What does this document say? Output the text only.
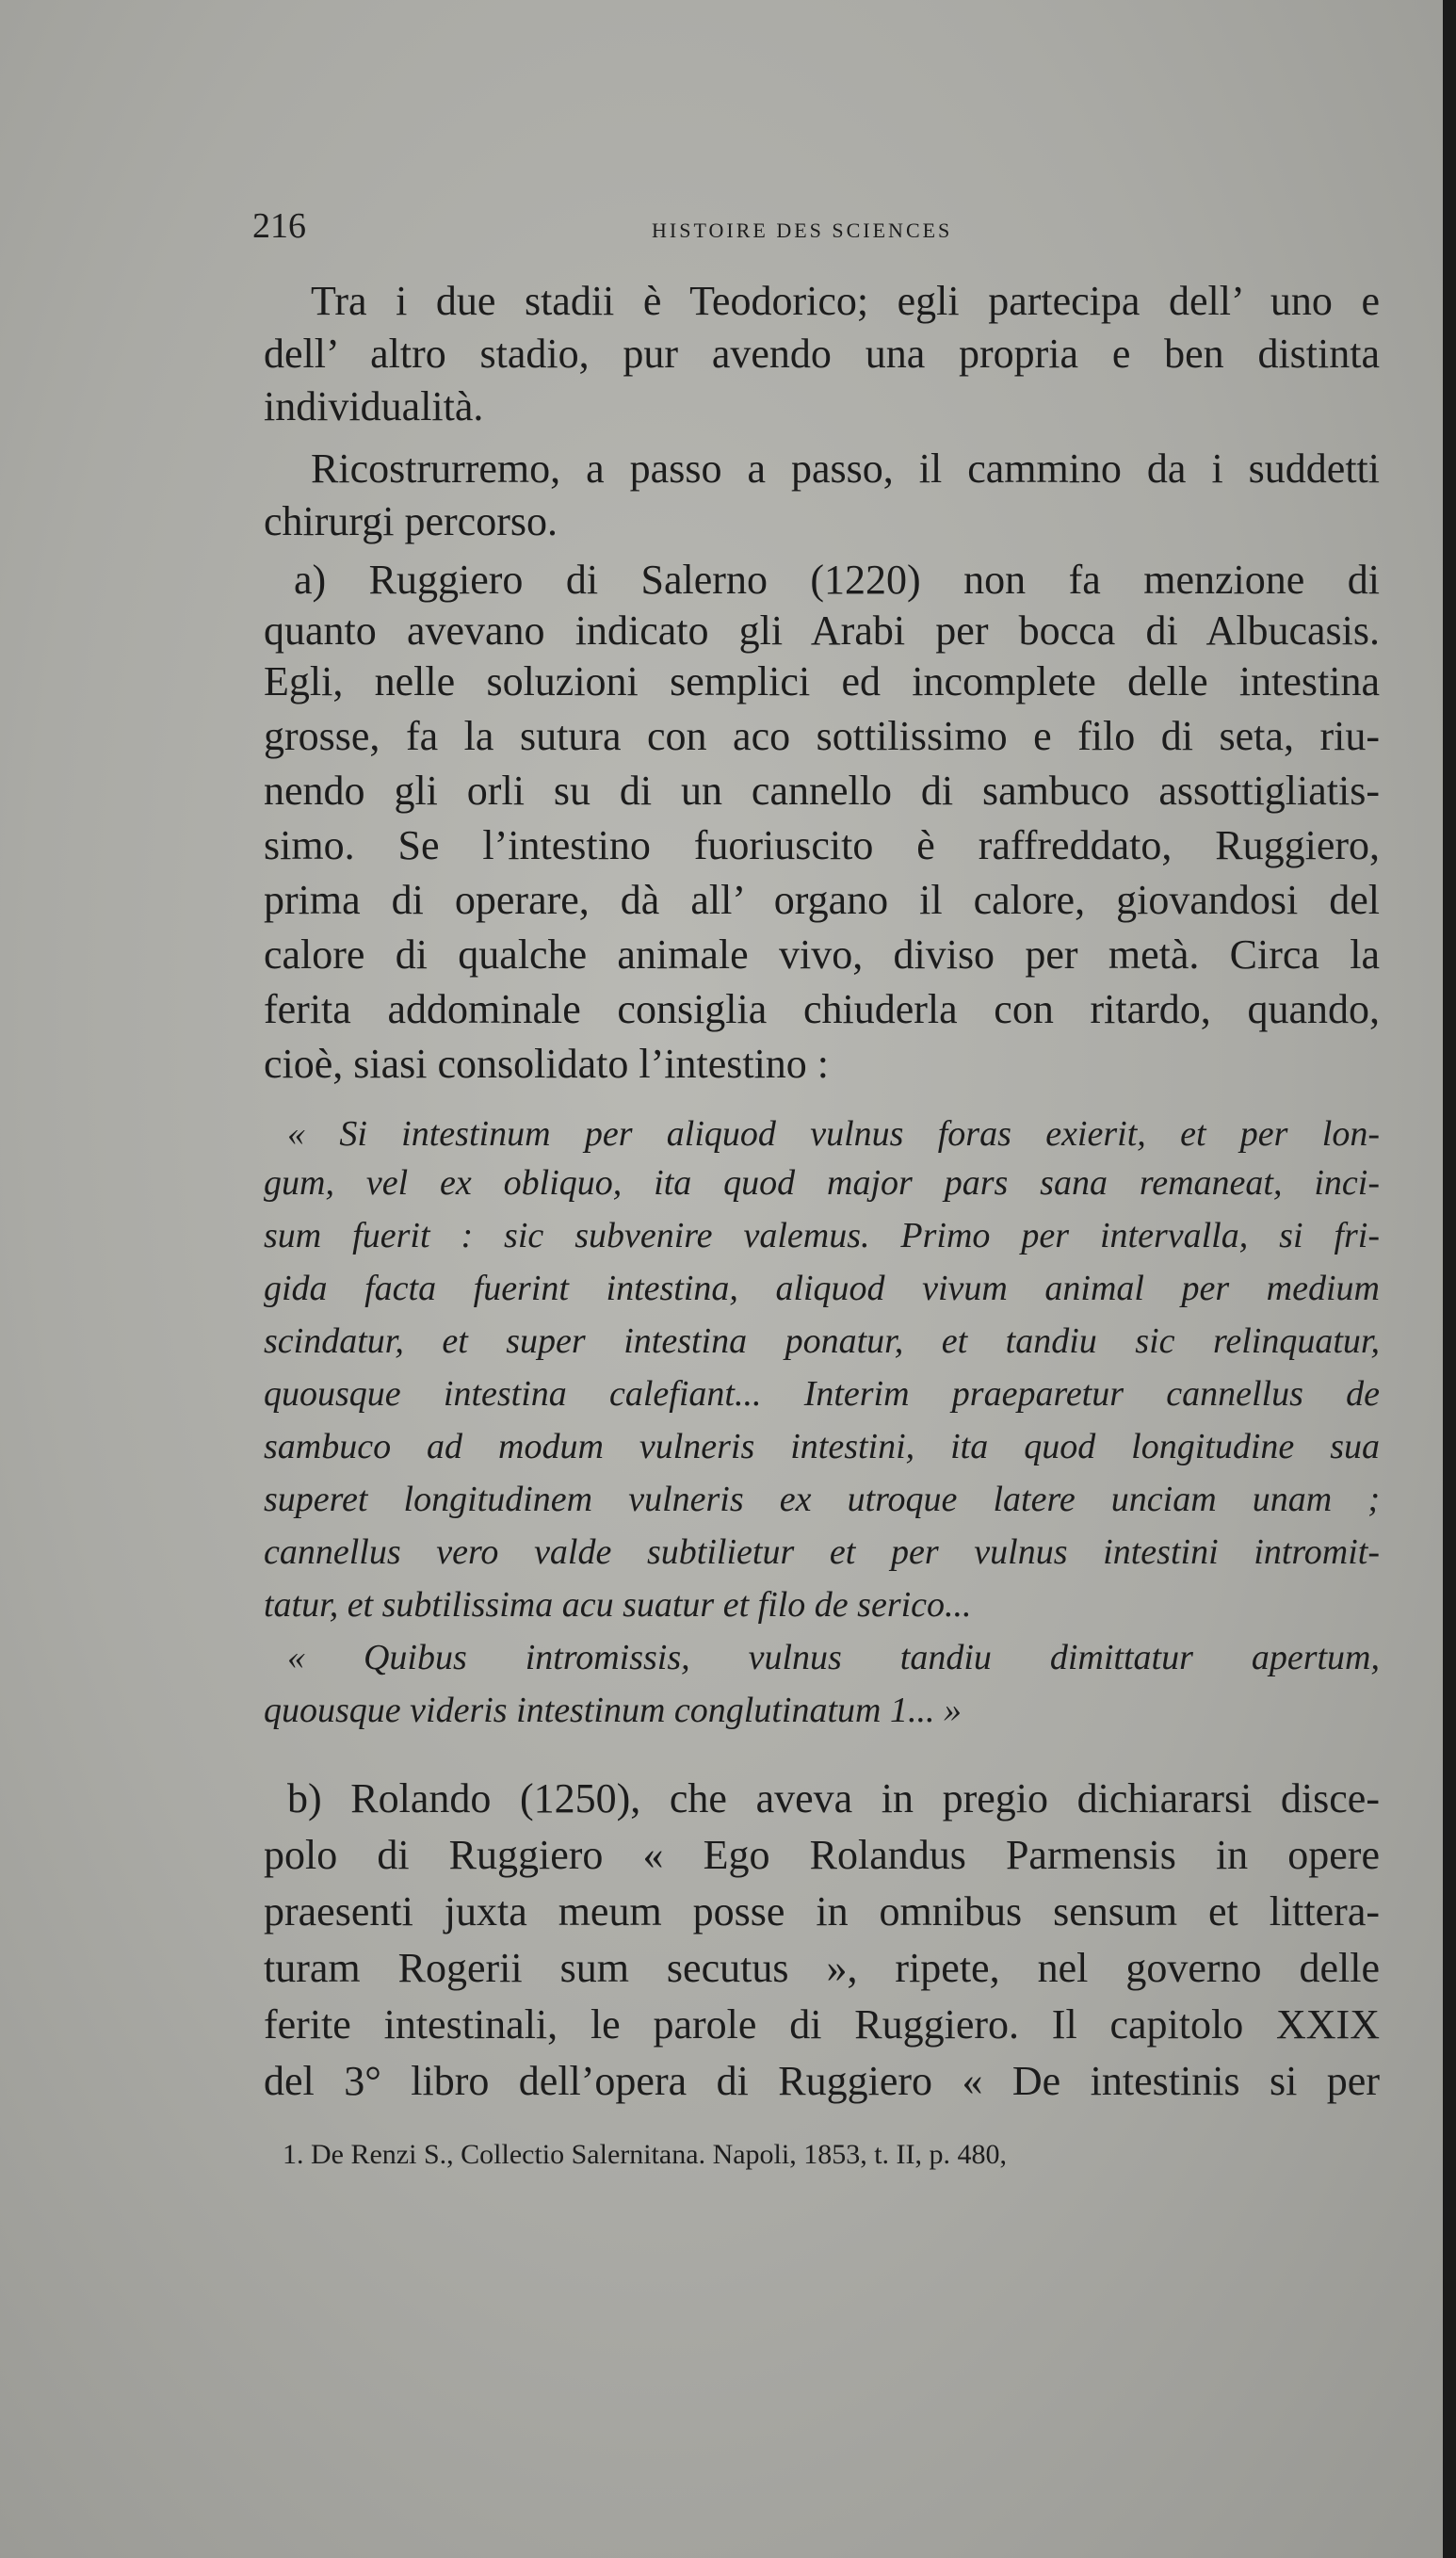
216	HISTOIRE DES SCIENCES
Tra i due stadii è Teodorico; egli partecipa dell’ uno e
dell’ altro stadio, pur avendo una propria e ben distinta
individualità.
Ricostrurremo, a passo a passo, il cammino da i suddetti
chirurgi percorso.
a) Ruggiero di Salerno (1220) non fa menzione di
quanto avevano indicato gli Arabi per bocca di Albucasis.
Egli, nelle soluzioni semplici ed incomplete delle intestina
grosse, fa la sutura con aco sottilissimo e filo di seta, riu-
nendo gli orli su di un cannello di sambuco assottigliatis-
simo. Se l’intestino fuoriuscito è raffreddato, Ruggiero,
prima di operare, dà all’ organo il calore, giovandosi del
calore di qualche animale vivo, diviso per metà. Circa la
ferita addominale consiglia chiuderla con ritardo, quando,
cioè, siasi consolidato l’intestino :
« Si intestinum per aliquod vulnus foras exierit, et per lon-
gum, vel ex obliquo, ita quod major pars sana remaneat, inci-
sum fuerit : sic subvenire valemus. Primo per intervalla, si fri-
gida facta fuerint intestina, aliquod vivum animal per medium
scindatur, et super intestina ponatur, et tandiu sic relinquatur,
quousque intestina calefiant... Interim praeparetur cannellus de
sambuco ad modum vulneris intestini, ita quod longitudine sua
superet longitudinem vulneris ex utroque latere unciam unam ;
cannellus vero valde subtilietur et per vulnus intestini intromit-
tatur, et subtilissima acu suatur et filo de serico...
« Quibus intromissis, vulnus tandiu dimittatur apertum,
quousque videris intestinum conglutinatum 1... »
b) Rolando (1250), che aveva in pregio dichiararsi disce-
polo di Ruggiero « Ego Rolandus Parmensis in opere
praesenti juxta meum posse in omnibus sensum et littera-
turam Rogerii sum secutus », ripete, nel governo delle
ferite intestinali, le parole di Ruggiero. Il capitolo XXIX
del 3° libro dell’opera di Ruggiero « De intestinis si per
1. De Renzi S., Collectio Salernitana. Napoli, 1853, t. II, p. 480,
